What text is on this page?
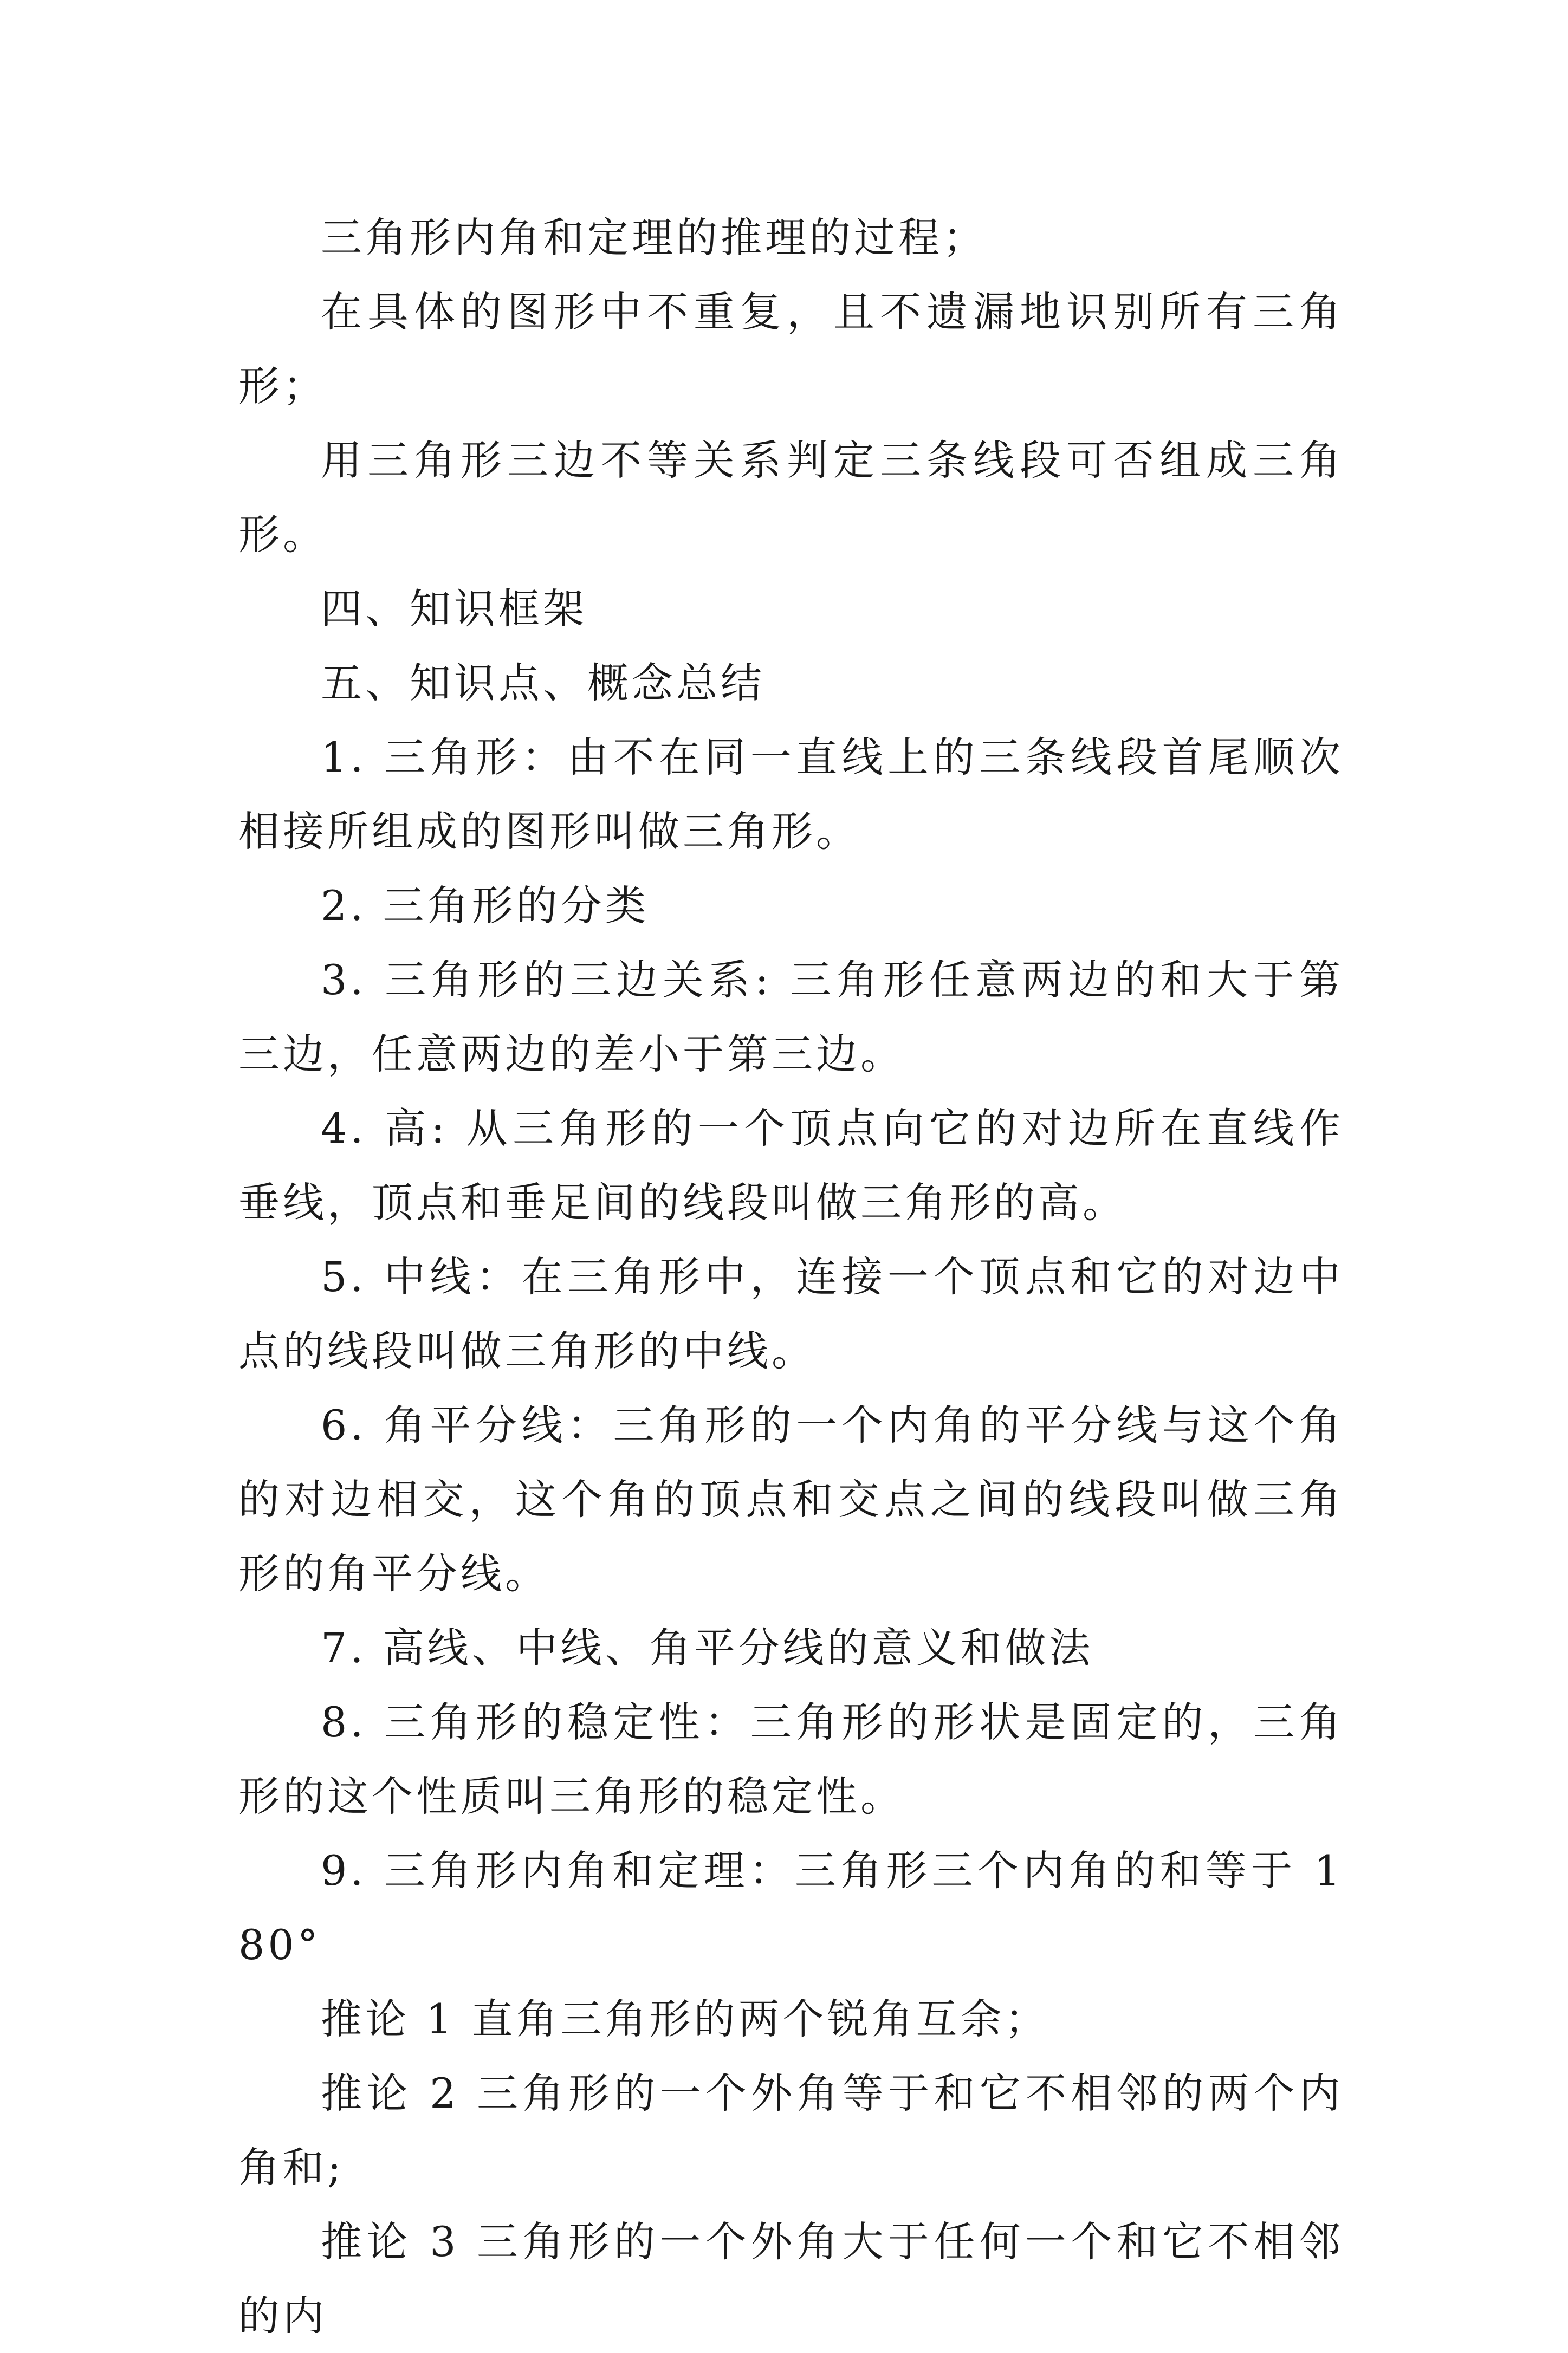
三角形内角和定理的推理的过程；

在具体的图形中不重复，且不遗漏地识别所有三角形；

用三角形三边不等关系判定三条线段可否组成三角形。

四、知识框架

五、知识点、概念总结

1. 三角形：由不在同一直线上的三条线段首尾顺次相接所组成的图形叫做三角形。

2. 三角形的分类

3. 三角形的三边关系: 三角形任意两边的和大于第三边，任意两边的差小于第三边。

4. 高: 从三角形的一个顶点向它的对边所在直线作垂线，顶点和垂足间的线段叫做三角形的高。

5. 中线：在三角形中，连接一个顶点和它的对边中点的线段叫做三角形的中线。

6. 角平分线：三角形的一个内角的平分线与这个角的对边相交，这个角的顶点和交点之间的线段叫做三角形的角平分线。

7. 高线、中线、角平分线的意义和做法

8. 三角形的稳定性：三角形的形状是固定的，三角形的这个性质叫三角形的稳定性。

9. 三角形内角和定理：三角形三个内角的和等于 180°

推论 1 直角三角形的两个锐角互余；

推论 2 三角形的一个外角等于和它不相邻的两个内角和;

推论 3 三角形的一个外角大于任何一个和它不相邻的内
